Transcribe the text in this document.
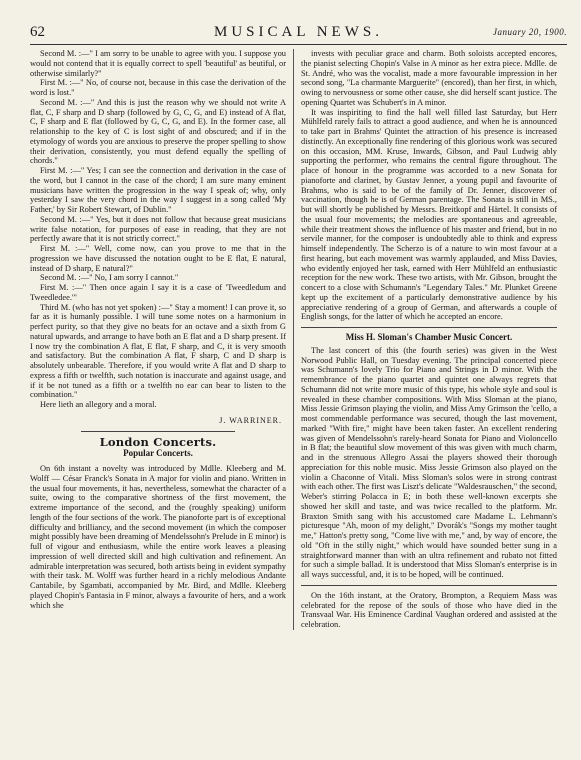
62	MUSICAL NEWS.	January 20, 1900.

Second M. :—" I am sorry to be unable to agree with you. I suppose you would not contend that it is equally correct to spell 'beautiful' as beutiful, or otherwise similarly?"

First M. :—" No, of course not, because in this case the derivation of the word is lost."

Second M. :—" And this is just the reason why we should not write A flat, C, F sharp and D sharp (followed by G, C, G, and E) instead of A flat, C, F sharp and E flat (followed by G, C, G, and E). In the former case, all relationship to the key of C is lost sight of and obscured; and if in the etymology of words you are anxious to preserve the proper spelling to show their derivation, consistently, you must defend equally the spelling of chords."

First M. :—" Yes; I can see the connection and derivation in the case of the word, but I cannot in the case of the chord; I am sure many eminent musicians have written the progression in the way I speak of; why, only yesterday I saw the very chord in the way I suggest in a song called 'My Father,' by Sir Robert Stewart, of Dublin."

Second M. :—" Yes, but it does not follow that because great musicians write false notation, for purposes of ease in reading, that they are not perfectly aware that it is not strictly correct."

First M. :—" Well, come now, can you prove to me that in the progression we have discussed the notation ought to be E flat, E natural, instead of D sharp, E natural?"

Second M. :—" No, I am sorry I cannot."

First M. :—" Then once again I say it is a case of 'Tweedledum and Tweedledee.'"

Third M. (who has not yet spoken) :—" Stay a moment! I can prove it, so far as it is humanly possible. I will tune some notes on a harmonium in perfect purity, so that they give no beats for an octave and a sixth from G natural upwards, and arrange to have both an E flat and a D sharp present. If I now try the combination A flat, E flat, F sharp, and C, it is very smooth and satisfactory. But the combination A flat, F sharp, C and D sharp is absolutely unbearable. Therefore, if you would write A flat and D sharp to express a fifth or twelfth, such notation is inaccurate and against usage, and if it be not tuned as a fifth or a twelfth no ear can bear to listen to the combination."

Here lieth an allegory and a moral.

J. WARRINER.
London Concerts.
Popular Concerts.

On 6th instant a novelty was introduced by Mdlle. Kleeberg and M. Wolff — César Franck's Sonata in A major for violin and piano. Written in the usual four movements, it has, nevertheless, somewhat the character of a suite, owing to the comparative shortness of the first movement, the extreme importance of the second, and the (roughly speaking) uniform length of the four sections of the work. The pianoforte part is of exceptional difficulty and brilliancy, and the second movement (in which the composer might possibly have been dreaming of Mendelssohn's Prelude in E minor) is full of vigour and enthusiasm, while the entire work leaves a pleasing impression of well directed skill and high cultivation and refinement. An admirable interpretation was secured, both artists being in evident sympathy with their task. M. Wolff was further heard in a richly melodious Andante Cantabile, by Sgambati, accompanied by Mr. Bird, and Mdlle. Kleeberg played Chopin's Fantasia in F minor, always a favourite of hers, and a work which she

invests with peculiar grace and charm. Both soloists accepted encores, the pianist selecting Chopin's Valse in A minor as her extra piece. Mdlle. de St. André, who was the vocalist, made a more favourable impression in her second song, "La charmante Marguerite" (encored), than her first, in which, owing to nervousness or some other cause, she did herself scant justice. The opening Quartet was Schubert's in A minor.

It was inspiriting to find the hall well filled last Saturday, but Herr Mühlfeld rarely fails to attract a good audience, and when he is announced to take part in Brahms' Quintet the attraction of his presence is increased distinctly. An exceptionally fine rendering of this glorious work was secured on this occasion, MM. Kruse, Inwards, Gibson, and Paul Ludwig ably supporting the performer, who remains the central figure throughout. The place of honour in the programme was accorded to a new Sonata for pianoforte and clarinet, by Gustav Jenner, a young pupil and favourite of Brahms, who is said to be of the family of Dr. Jenner, discoverer of vaccination, though he is of German parentage. The Sonata is still in MS., but will shortly be published by Messrs. Breitkopf and Härtel. It consists of the usual four movements; the melodies are spontaneous and agreeable, while their treatment shows the influence of his master and friend, but in no servile manner, for the composer is undoubtedly able to think and express himself independently. The Scherzo is of a nature to win most favour at a first hearing, but each movement was warmly applauded, and Miss Davies, who evidently enjoyed her task, earned with Herr Mühlfeld an enthusiastic reception for the new work. These two artists, with Mr. Gibson, brought the concert to a close with Schumann's "Legendary Tales." Mr. Plunket Greene kept up the excitement of a particularly demonstrative audience by his appreciative rendering of a group of German, and afterwards a couple of English songs, for the latter of which he accepted an encore.

Miss H. Sloman's Chamber Music Concert.

The last concert of this (the fourth series) was given in the West Norwood Public Hall, on Tuesday evening. The principal concerted piece was Schumann's lovely Trio for Piano and Strings in D minor. With the remembrance of the piano quartet and quintet one always regrets that Schumann did not write more music of this type, his whole style and soul is revealed in these chamber compositions. With Miss Sloman at the piano, Miss Jessie Grimson playing the violin, and Miss Amy Grimson the 'cello, a most commendable performance was secured, though the last movement, marked "With fire," might have been taken faster. An excellent rendering was given of Mendelssohn's rarely-heard Sonata for Piano and Violoncello in B flat; the beautiful slow movement of this was given with much charm, and in the strenuous Allegro Assai the players showed their thorough appreciation for this noble music. Miss Jessie Grimson also played on the violin a Chaconne of Vitali. Miss Sloman's solos were in strong contrast with each other. The first was Liszt's delicate "Waldesrauschen," the second, Weber's stirring Polacca in E; in both these well-known excerpts she showed her skill and taste, and was twice recalled to the platform. Mr. Braxton Smith sang with his accustomed care Madame L. Lehmann's picturesque "Ah, moon of my delight," Dvorák's "Songs my mother taught me," Hatton's pretty song, "Come live with me," and, by way of encore, the old "Oft in the stilly night," which would have sounded better sung in a straightforward manner than with an ultra refinement and rubato not fitted for such a simple ballad. It is understood that Miss Sloman's enterprise is in all ways successful, and, it is to be hoped, will be continued.

On the 16th instant, at the Oratory, Brompton, a Requiem Mass was celebrated for the repose of the souls of those who have died in the Transvaal War. His Eminence Cardinal Vaughan ordered and assisted at the celebration.
